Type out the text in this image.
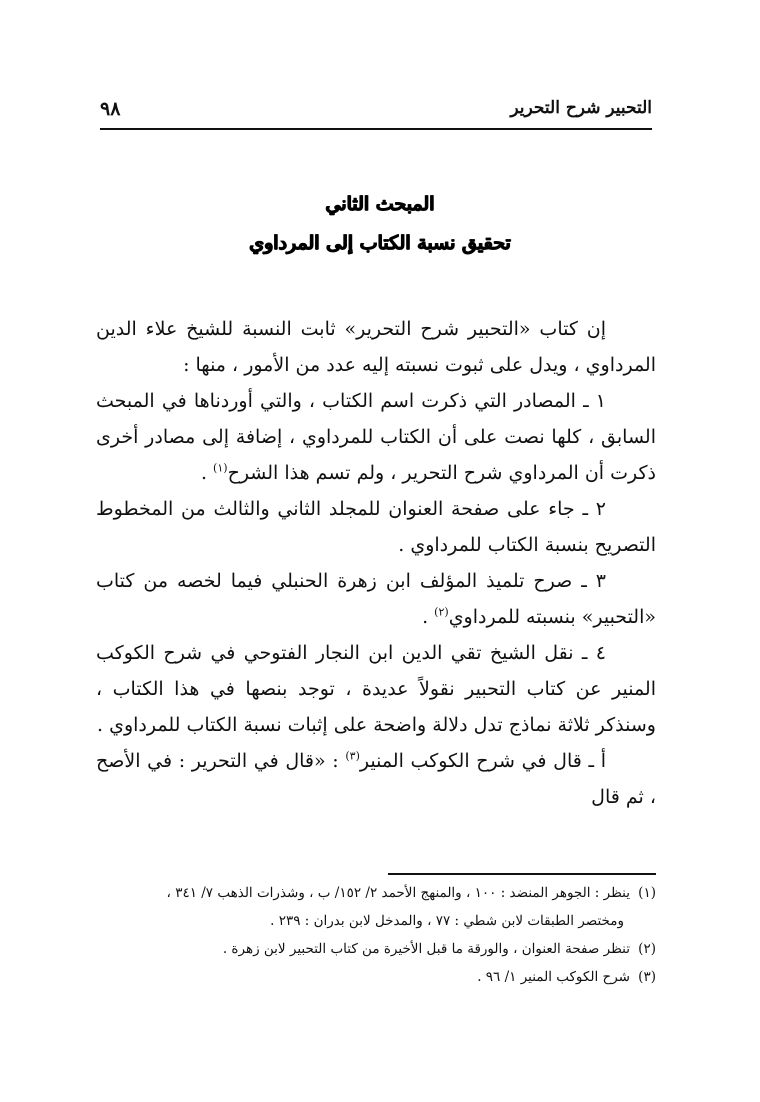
التحبير شرح التحرير
٩٨
المبحث الثاني
تحقيق نسبة الكتاب إلى المرداوي

إن كتاب «التحبير شرح التحرير» ثابت النسبة للشيخ علاء الدين المرداوي ، ويدل على ثبوت نسبته إليه عدد من الأمور ، منها :

١ ـ المصادر التي ذكرت اسم الكتاب ، والتي أوردناها في المبحث السابق ، كلها نصت على أن الكتاب للمرداوي ، إضافة إلى مصادر أخرى ذكرت أن المرداوي شرح التحرير ، ولم تسم هذا الشرح$^{(١)}$ .

٢ ـ جاء على صفحة العنوان للمجلد الثاني والثالث من المخطوط التصريح بنسبة الكتاب للمرداوي .

٣ ـ صرح تلميذ المؤلف ابن زهرة الحنبلي فيما لخصه من كتاب «التحبير» بنسبته للمرداوي$^{(٢)}$ .

٤ ـ نقل الشيخ تقي الدين ابن النجار الفتوحي في شرح الكوكب المنير عن كتاب التحبير نقولاً عديدة ، توجد بنصها في هذا الكتاب ، وسنذكر ثلاثة نماذج تدل دلالة واضحة على إثبات نسبة الكتاب للمرداوي .

أ ـ قال في شرح الكوكب المنير$^{(٣)}$ : «قال في التحرير : في الأصح ، ثم قال

(١)ينظر : الجوهر المنضد : ١٠٠ ، والمنهج الأحمد ٢/ ١٥٢/ ب ، وشذرات الذهب ٧/ ٣٤١ ،

ومختصر الطبقات لابن شطي : ٧٧ ، والمدخل لابن بدران : ٢٣٩ .

(٢)تنظر صفحة العنوان ، والورقة ما قبل الأخيرة من كتاب التحبير لابن زهرة .

(٣)شرح الكوكب المنير ١/ ٩٦ .
